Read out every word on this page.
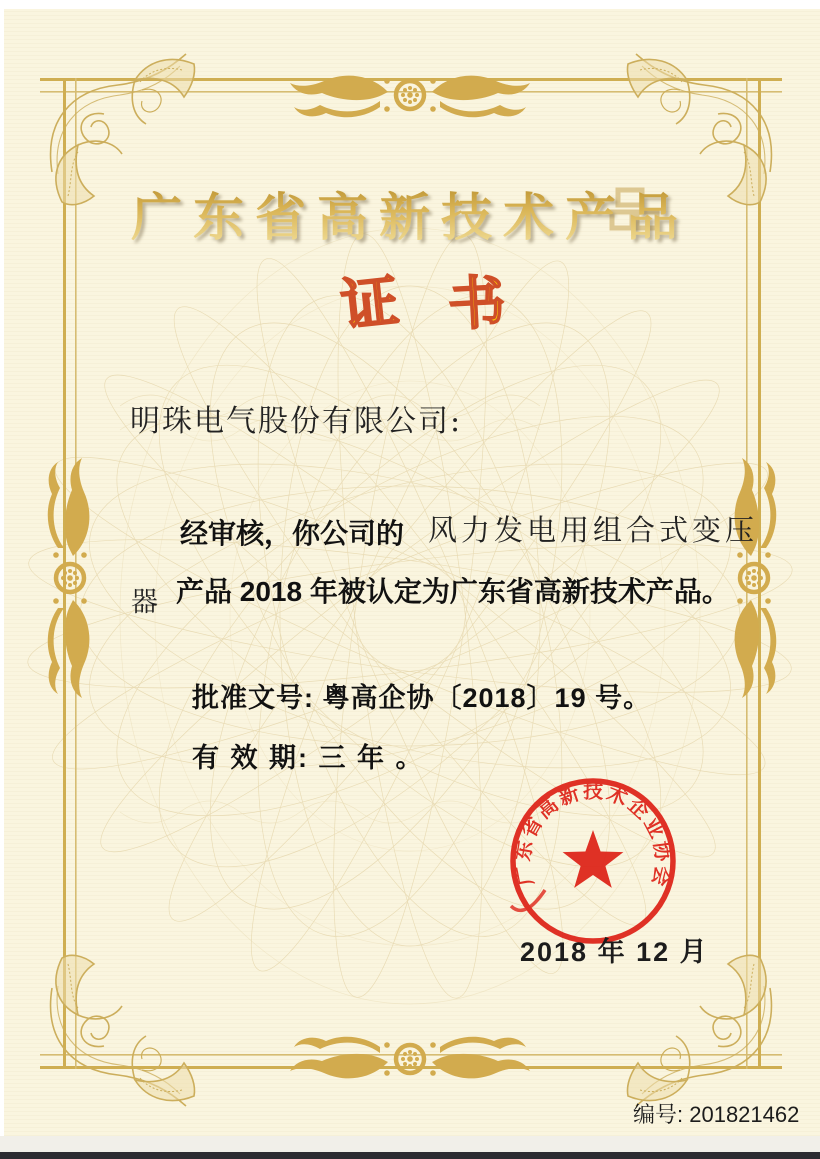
广东省高新技术企业协会
广东省高新技术产品
证 书
明珠电气股份有限公司:
经审核，你公司的 风力发电用组合式变压
器 产品 2018 年被认定为广东省高新技术产品。
批准文号: 粤高企协〔2018〕19 号。
有 效 期: 三 年 。
2018 年 12 月
编号: 201821462
